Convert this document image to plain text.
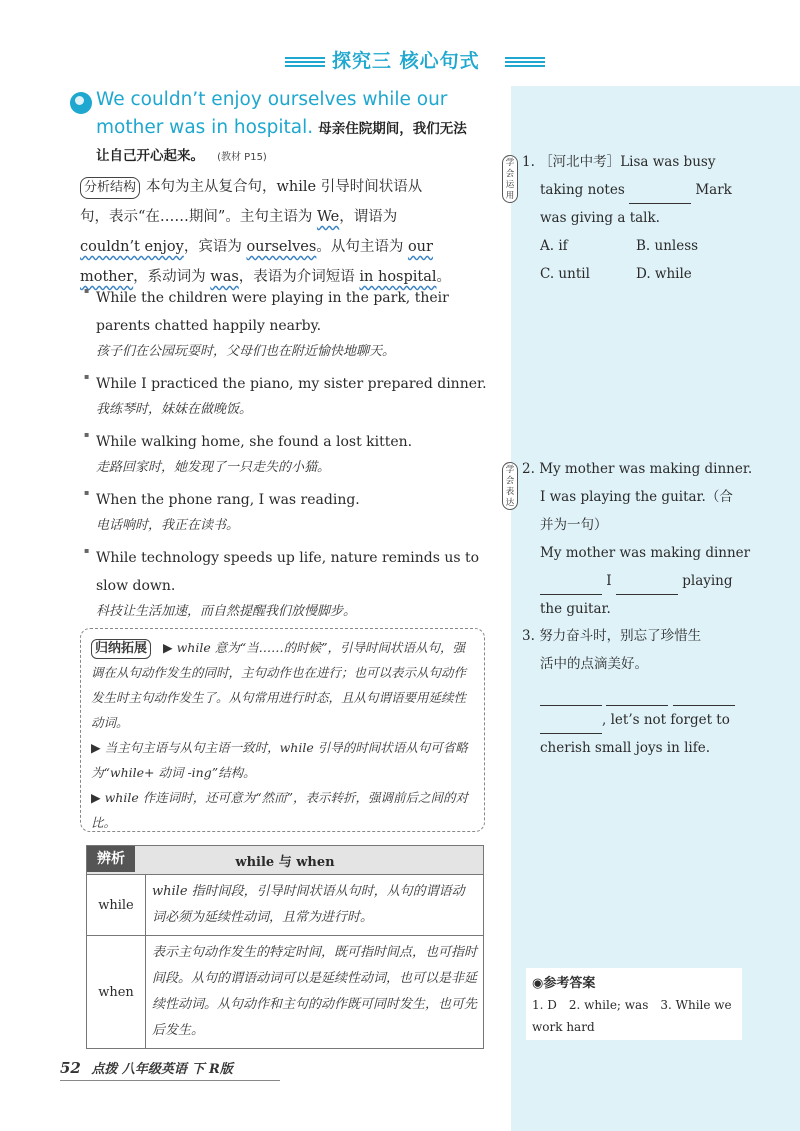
探究三 核心句式
We couldn’t enjoy ourselves while our
mother was in hospital. 母亲住院期间，我们无法
让自己开心起来。 (教材 P15)
分析结构 本句为主从复合句，while 引导时间状语从
句，表示“在……期间”。主句主语为 We，谓语为
couldn’t enjoy，宾语为 ourselves。从句主语为 our
mother，系动词为 was，表语为介词短语 in hospital。
▪ While the children were playing in the park, their parents chatted happily nearby.
孩子们在公园玩耍时，父母们也在附近愉快地聊天。
▪ While I practiced the piano, my sister prepared dinner.
我练琴时，妹妹在做晚饭。
▪ While walking home, she found a lost kitten.
走路回家时，她发现了一只走失的小猫。
▪ When the phone rang, I was reading.
电话响时，我正在读书。
▪ While technology speeds up life, nature reminds us to slow down.
科技让生活加速，而自然提醒我们放慢脚步。
归纳拓展 ▶ while 意为“当……的时候”，引导时间状语从句，强调在从句动作发生的同时，主句动作也在进行；也可以表示从句动作发生时主句动作发生了。从句常用进行时态，且从句谓语要用延续性动词。
▶ 当主句主语与从句主语一致时，while 引导的时间状语从句可省略为“while+ 动词 -ing”结构。
▶ while 作连词时，还可意为“然而”，表示转折，强调前后之间的对比。
辨析 while 与 when	
while	while 指时间段，引导时间状语从句时，从句的谓语动词必须为延续性动词，且常为进行时。
when	表示主句动作发生的特定时间，既可指时间点，也可指时间段。从句的谓语动词可以是延续性动词，也可以是非延续性动词。从句动作和主句的动作既可同时发生，也可先后发生。
52 点拨 八年级英语 下 R版
学会运用
1. ［河北中考］Lisa was busy
taking notes	Mark
was giving a talk.
A. if	B. unless
C. until	D. while
学会表达
2. My mother was making dinner.
I was playing the guitar.（合
并为一句）
My mother was making dinner
I	playing
the guitar.
3. 努力奋斗时，别忘了珍惜生
活中的点滴美好。

, let’s not forget to
cherish small joys in life.
◉参考答案
1. D　2. while; was　3. While we work hard
